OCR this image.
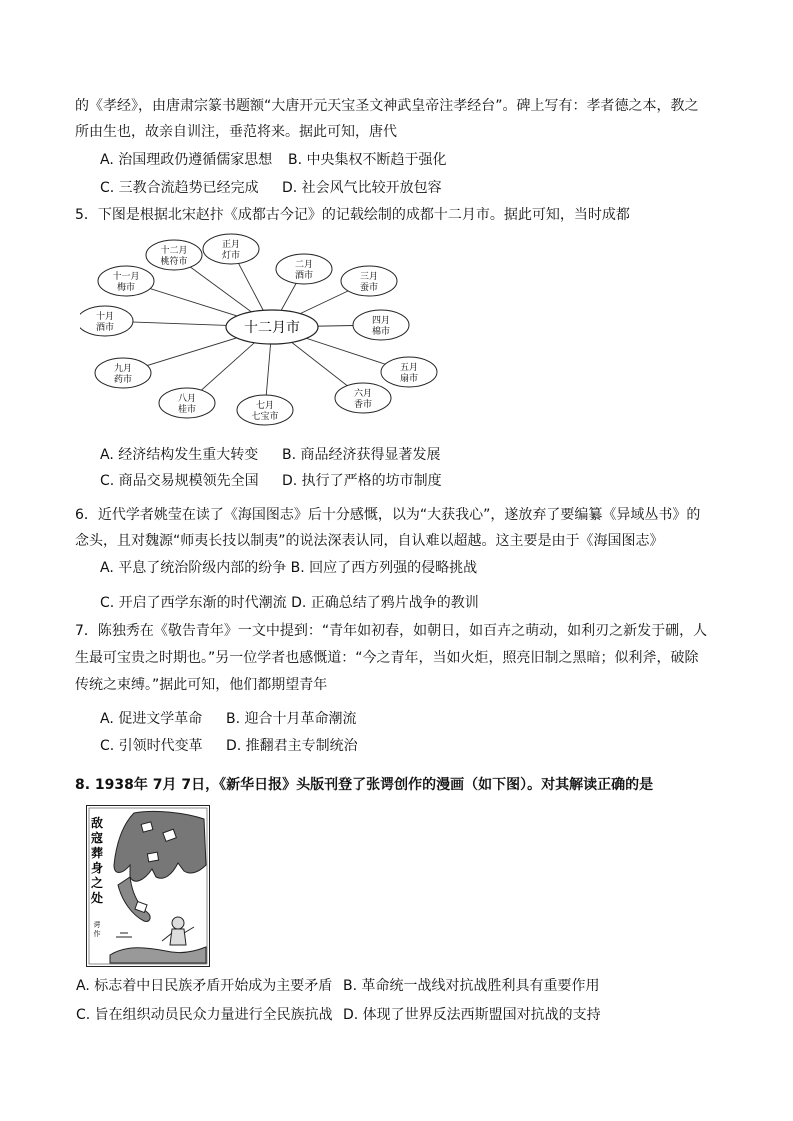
的《孝经》，由唐肃宗篆书题额“大唐开元天宝圣文神武皇帝注孝经台”。碑上写有：孝者德之本，教之
所由生也，故亲自训注，垂范将来。据此可知，唐代
A. 治国理政仍遵循儒家思想 B. 中央集权不断趋于强化
C. 三教合流趋势已经完成 D. 社会风气比较开放包容
5．下图是根据北宋赵抃《成都古今记》的记载绘制的成都十二月市。据此可知，当时成都
正月
灯市
二月
酒市	三月
蚕市
四月
棉市
五月
扇市
六月
香市
七月
七宝市
八月
桂市
九月
药市
十月
酒市
十一月
梅市
十二月
桃符市
十二月市
A. 经济结构发生重大转变 B. 商品经济获得显著发展
C. 商品交易规模领先全国 D. 执行了严格的坊市制度
6．近代学者姚莹在读了《海国图志》后十分感慨，以为“大获我心”，遂放弃了要编纂《异域丛书》的
念头，且对魏源“师夷长技以制夷”的说法深表认同，自认难以超越。这主要是由于《海国图志》
A. 平息了统治阶级内部的纷争 B. 回应了西方列强的侵略挑战
C. 开启了西学东渐的时代潮流 D. 正确总结了鸦片战争的教训
7．陈独秀在《敬告青年》一文中提到：“青年如初春，如朝日，如百卉之萌动，如利刃之新发于硎，人
生最可宝贵之时期也。”另一位学者也感慨道：“今之青年，当如火炬，照亮旧制之黑暗；似利斧，破除
传统之束缚。”据此可知，他们都期望青年
A. 促进文学革命 B. 迎合十月革命潮流
C. 引领时代变革 D. 推翻君主专制统治
8. 1938年 7月 7日，《新华日报》头版刊登了张谔创作的漫画（如下图）。对其解读正确的是
敌
寇
葬
身
之
处
谔
作
A. 标志着中日民族矛盾开始成为主要矛盾 B. 革命统一战线对抗战胜利具有重要作用
C. 旨在组织动员民众力量进行全民族抗战 D. 体现了世界反法西斯盟国对抗战的支持
